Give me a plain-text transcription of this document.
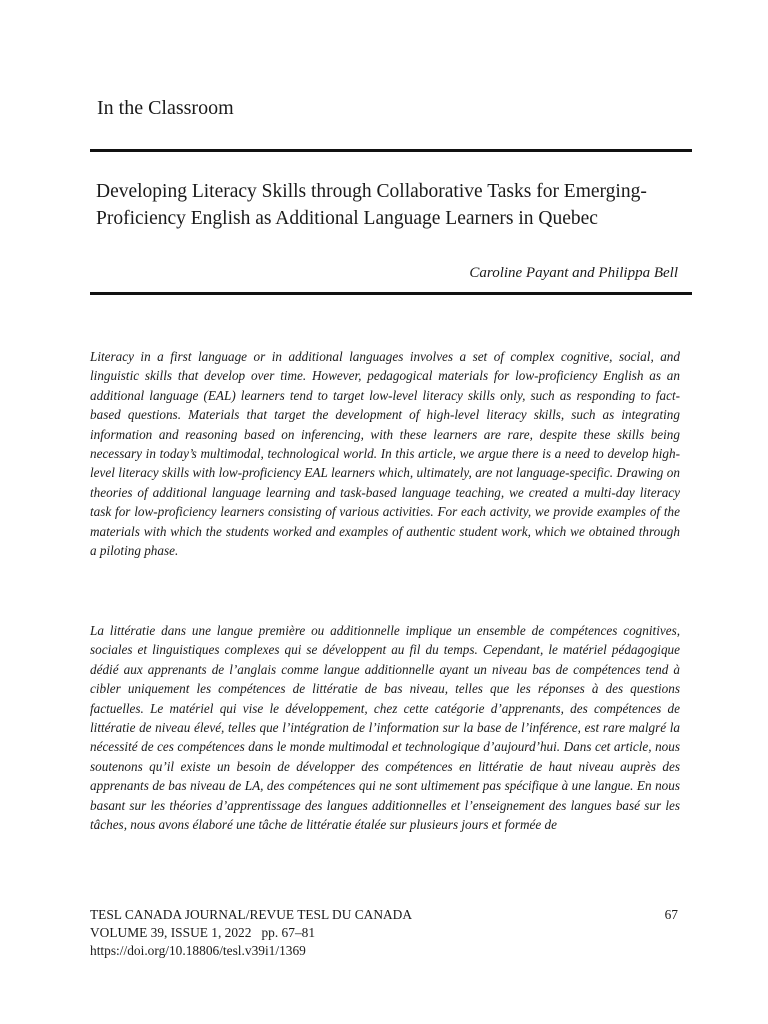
In the Classroom
Developing Literacy Skills through Collaborative Tasks for Emerging-Proficiency English as Additional Language Learners in Quebec
Caroline Payant and Philippa Bell

Literacy in a first language or in additional languages involves a set of complex cognitive, social, and linguistic skills that develop over time. However, pedagogical materials for low-proficiency English as an additional language (EAL) learners tend to target low-level literacy skills only, such as responding to fact-based questions. Materials that target the development of high-level literacy skills, such as integrating information and reasoning based on inferencing, with these learners are rare, despite these skills being necessary in today’s multimodal, technological world. In this article, we argue there is a need to develop high-level literacy skills with low-proficiency EAL learners which, ultimately, are not language-specific. Drawing on theories of additional language learning and task-based language teaching, we created a multi-day literacy task for low-proficiency learners consisting of various activities. For each activity, we provide examples of the materials with which the students worked and examples of authentic student work, which we obtained through a piloting phase.

La littératie dans une langue première ou additionnelle implique un ensemble de compétences cognitives, sociales et linguistiques complexes qui se développent au fil du temps. Cependant, le matériel pédagogique dédié aux apprenants de l’anglais comme langue additionnelle ayant un niveau bas de compétences tend à cibler uniquement les compétences de littératie de bas niveau, telles que les réponses à des questions factuelles. Le matériel qui vise le développement, chez cette catégorie d’apprenants, des compétences de littératie de niveau élevé, telles que l’intégration de l’information sur la base de l’inférence, est rare malgré la nécessité de ces compétences dans le monde multimodal et technologique d’aujourd’hui. Dans cet article, nous soutenons qu’il existe un besoin de développer des compétences en littératie de haut niveau auprès des apprenants de bas niveau de LA, des compétences qui ne sont ultimement pas spécifique à une langue. En nous basant sur les théories d’apprentissage des langues additionnelles et l’enseignement des langues basé sur les tâches, nous avons élaboré une tâche de littératie étalée sur plusieurs jours et formée de

TESL CANADA JOURNAL/REVUE TESL DU CANADA
VOLUME 39, ISSUE 1, 2022   pp. 67–81
https://doi.org/10.18806/tesl.v39i1/1369
67
